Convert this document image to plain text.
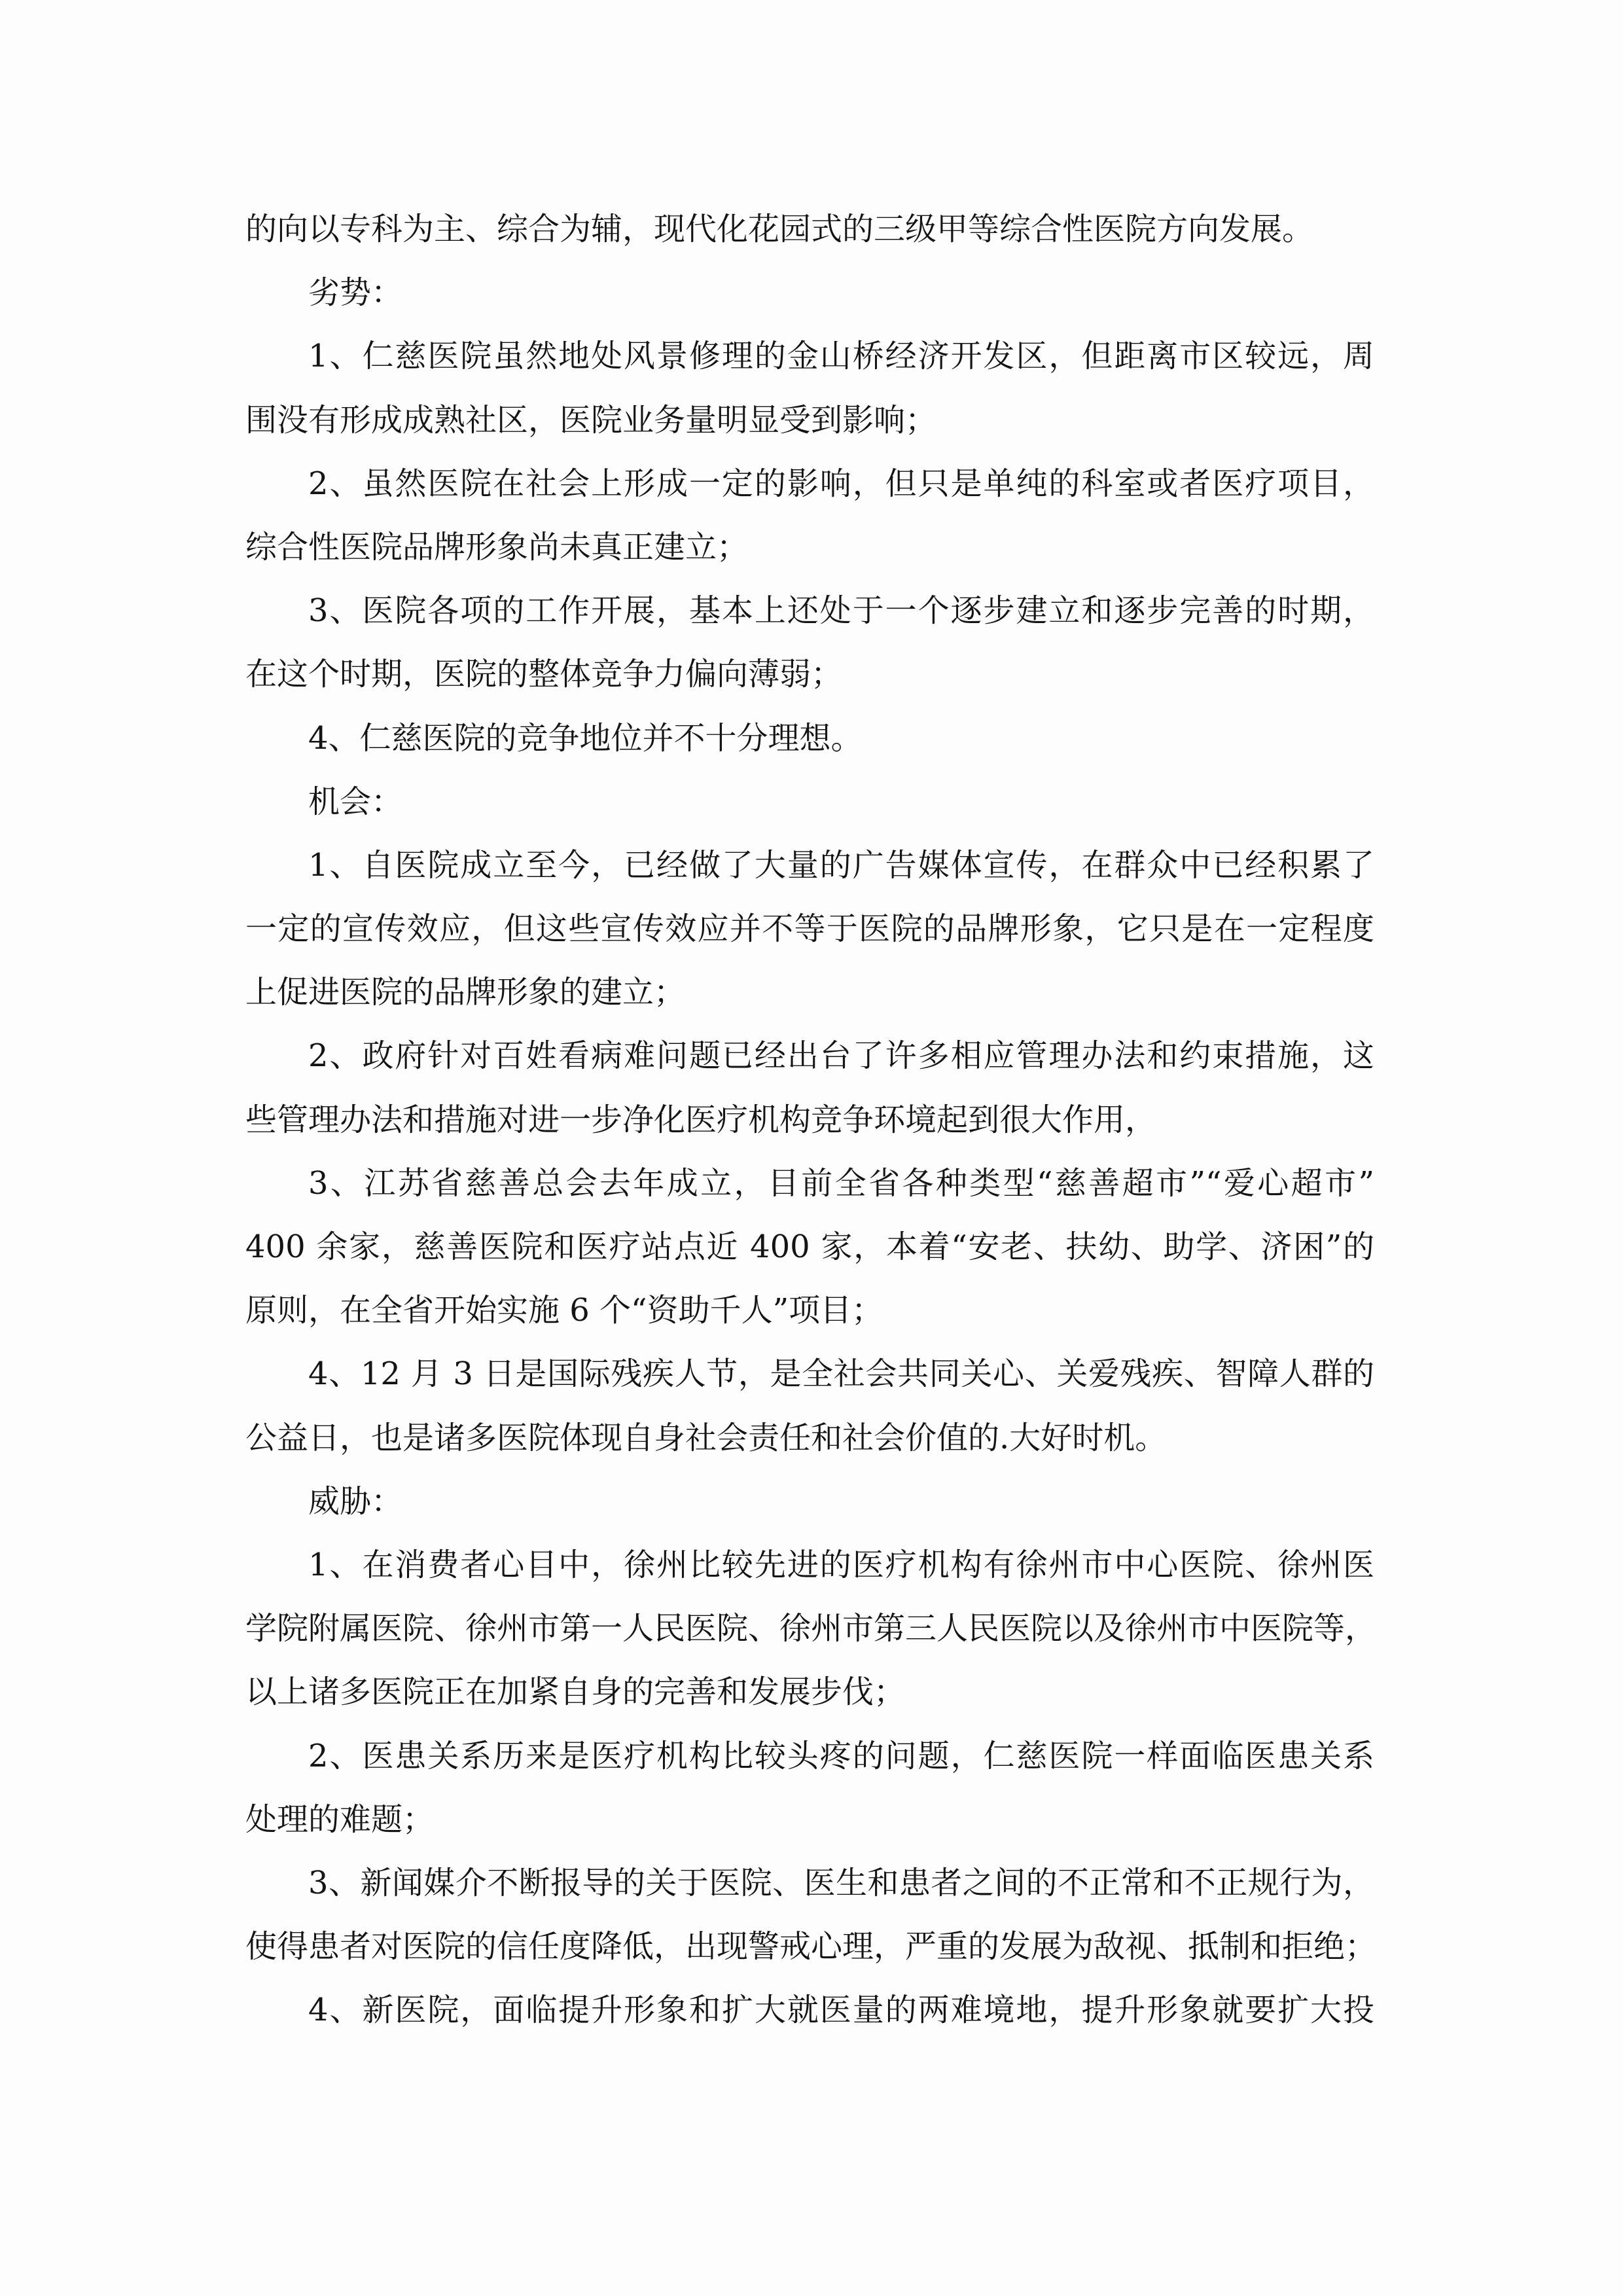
的向以专科为主、综合为辅，现代化花园式的三级甲等综合性医院方向发展。
劣势：
1、仁慈医院虽然地处风景修理的金山桥经济开发区，但距离市区较远，周
围没有形成成熟社区，医院业务量明显受到影响；
2、虽然医院在社会上形成一定的影响，但只是单纯的科室或者医疗项目，
综合性医院品牌形象尚未真正建立；
3、医院各项的工作开展，基本上还处于一个逐步建立和逐步完善的时期，
在这个时期，医院的整体竞争力偏向薄弱；
4、仁慈医院的竞争地位并不十分理想。
机会：
1、自医院成立至今，已经做了大量的广告媒体宣传，在群众中已经积累了
一定的宣传效应，但这些宣传效应并不等于医院的品牌形象，它只是在一定程度
上促进医院的品牌形象的建立；
2、政府针对百姓看病难问题已经出台了许多相应管理办法和约束措施，这
些管理办法和措施对进一步净化医疗机构竞争环境起到很大作用，
3、江苏省慈善总会去年成立，目前全省各种类型“慈善超市”“爱心超市”
400 余家，慈善医院和医疗站点近 400 家，本着“安老、扶幼、助学、济困”的
原则，在全省开始实施 6 个“资助千人”项目；
4、12 月 3 日是国际残疾人节，是全社会共同关心、关爱残疾、智障人群的
公益日，也是诸多医院体现自身社会责任和社会价值的.大好时机。
威胁：
1、在消费者心目中，徐州比较先进的医疗机构有徐州市中心医院、徐州医
学院附属医院、徐州市第一人民医院、徐州市第三人民医院以及徐州市中医院等，
以上诸多医院正在加紧自身的完善和发展步伐；
2、医患关系历来是医疗机构比较头疼的问题，仁慈医院一样面临医患关系
处理的难题；
3、新闻媒介不断报导的关于医院、医生和患者之间的不正常和不正规行为，
使得患者对医院的信任度降低，出现警戒心理，严重的发展为敌视、抵制和拒绝；
4、新医院，面临提升形象和扩大就医量的两难境地，提升形象就要扩大投
